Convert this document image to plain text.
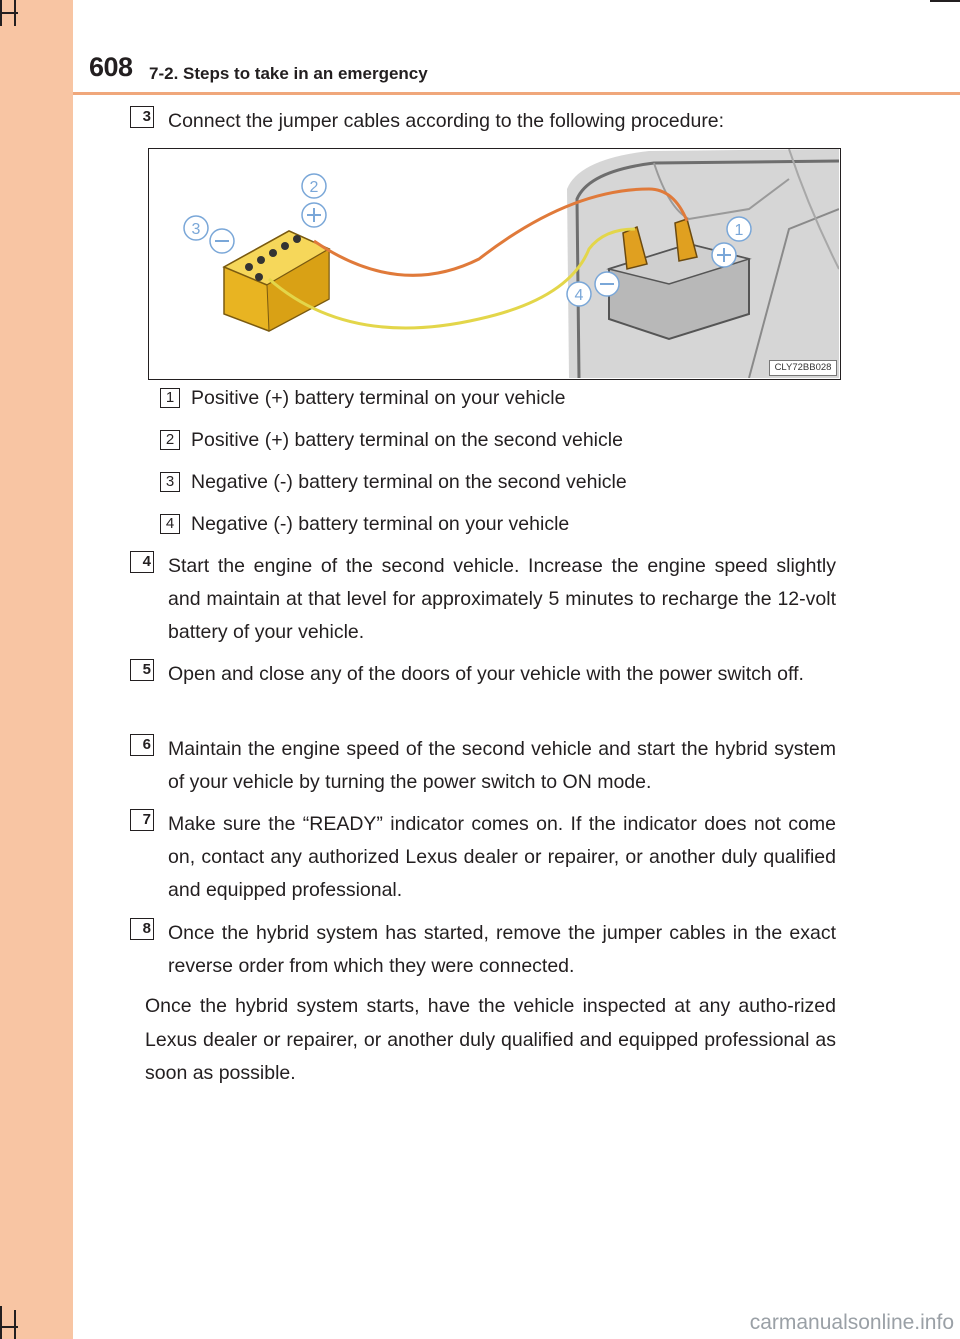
608 7-2. Steps to take in an emergency
3 Connect the jumper cables according to the following procedure:
1
2
3
4
CLY72BB028
1 Positive (+) battery terminal on your vehicle
2 Positive (+) battery terminal on the second vehicle
3 Negative (-) battery terminal on the second vehicle
4 Negative (-) battery terminal on your vehicle
4 Start the engine of the second vehicle. Increase the engine speed slightly and maintain at that level for approximately 5 minutes to recharge the 12-volt battery of your vehicle.
5 Open and close any of the doors of your vehicle with the power switch off.
6 Maintain the engine speed of the second vehicle and start the hybrid system of your vehicle by turning the power switch to ON mode.
7 Make sure the “READY” indicator comes on. If the indicator does not come on, contact any authorized Lexus dealer or repairer, or another duly qualified and equipped professional.
8 Once the hybrid system has started, remove the jumper cables in the exact reverse order from which they were connected.
Once the hybrid system starts, have the vehicle inspected at any autho-rized Lexus dealer or repairer, or another duly qualified and equipped professional as soon as possible.
carmanualsonline.info
